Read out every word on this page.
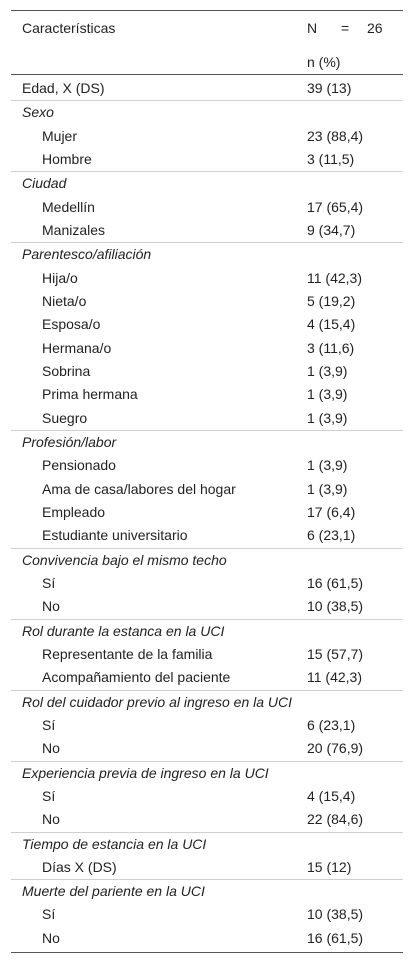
Características	N = 26
n (%)
Edad, X (DS)	39 (13)
Sexo
Mujer	23 (88,4)
Hombre	3 (11,5)
Ciudad
Medellín	17 (65,4)
Manizales	9 (34,7)
Parentesco/afiliación
Hija/o	11 (42,3)
Nieta/o	5 (19,2)
Esposa/o	4 (15,4)
Hermana/o	3 (11,6)
Sobrina	1 (3,9)
Prima hermana	1 (3,9)
Suegro	1 (3,9)
Profesión/labor
Pensionado	1 (3,9)
Ama de casa/labores del hogar	1 (3,9)
Empleado	17 (6,4)
Estudiante universitario	6 (23,1)
Convivencia bajo el mismo techo
Sí	16 (61,5)
No	10 (38,5)
Rol durante la estanca en la UCI
Representante de la familia	15 (57,7)
Acompañamiento del paciente	11 (42,3)
Rol del cuidador previo al ingreso en la UCI
Sí	6 (23,1)
No	20 (76,9)
Experiencia previa de ingreso en la UCI
Sí	4 (15,4)
No	22 (84,6)
Tiempo de estancia en la UCI
Días X (DS)	15 (12)
Muerte del pariente en la UCI
Sí	10 (38,5)
No	16 (61,5)
